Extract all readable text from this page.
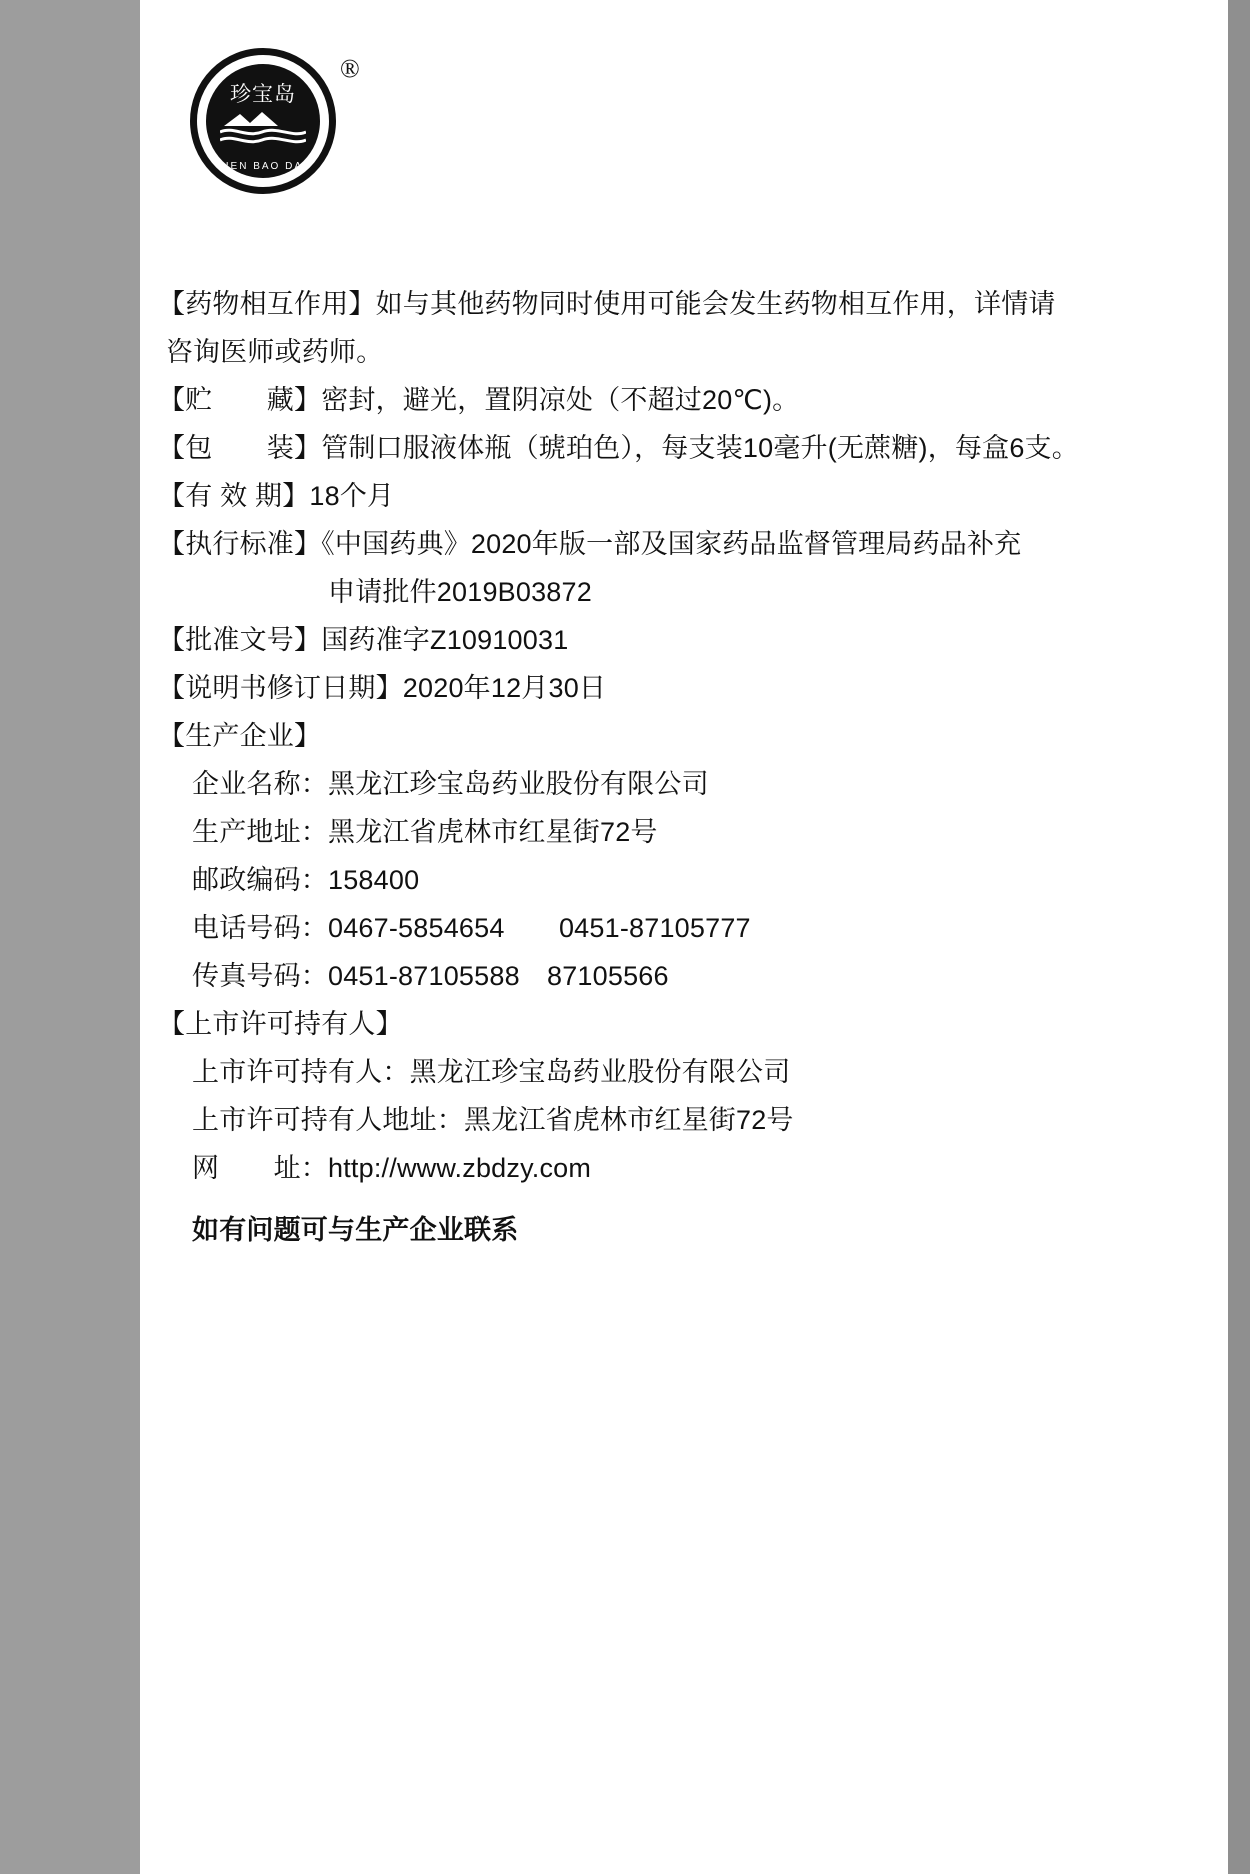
珍宝岛
ZHEN BAO DAO
®
【药物相互作用】如与其他药物同时使用可能会发生药物相互作用，详情请
咨询医师或药师。
【贮　　藏】密封，避光，置阴凉处（不超过20℃)。
【包　　装】管制口服液体瓶（琥珀色），每支装10毫升(无蔗糖)，每盒6支。
【有 效 期】18个月
【执行标准】《中国药典》2020年版一部及国家药品监督管理局药品补充
申请批件2019B03872
【批准文号】国药准字Z10910031
【说明书修订日期】2020年12月30日
【生产企业】
企业名称：黑龙江珍宝岛药业股份有限公司
生产地址：黑龙江省虎林市红星街72号
邮政编码：158400
电话号码：0467-5854654　　0451-87105777
传真号码：0451-87105588　87105566
【上市许可持有人】
上市许可持有人：黑龙江珍宝岛药业股份有限公司
上市许可持有人地址：黑龙江省虎林市红星街72号
网　　址：http://www.zbdzy.com
如有问题可与生产企业联系
